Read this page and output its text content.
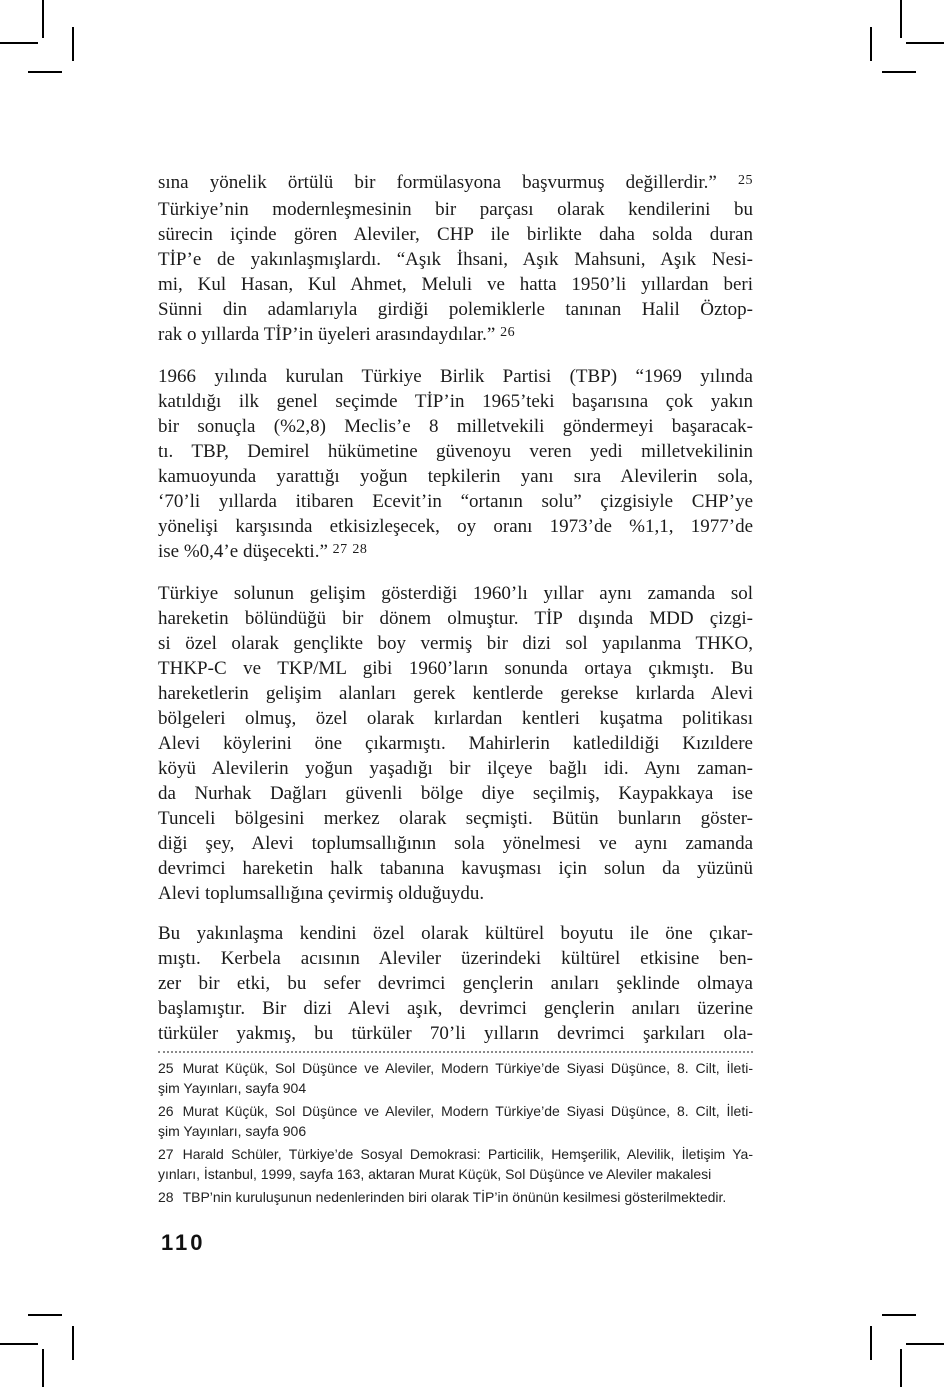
sına yönelik örtülü bir formülasyona başvurmuş değillerdir.” $^{25}$
Türkiye’nin modernleşmesinin bir parçası olarak kendilerini bu
sürecin içinde gören Aleviler, CHP ile birlikte daha solda duran
TİP’e de yakınlaşmışlardı. “Aşık İhsani, Aşık Mahsuni, Aşık Nesi-
mi, Kul Hasan, Kul Ahmet, Meluli ve hatta 1950’li yıllardan beri
Sünni din adamlarıyla girdiği polemiklerle tanınan Halil Öztop-
rak o yıllarda TİP’in üyeleri arasındaydılar.” $^{26}$
1966 yılında kurulan Türkiye Birlik Partisi (TBP) “1969 yılında
katıldığı ilk genel seçimde TİP’in 1965’teki başarısına çok yakın
bir sonuçla (%2,8) Meclis’e 8 milletvekili göndermeyi başaracak-
tı. TBP, Demirel hükümetine güvenoyu veren yedi milletvekilinin
kamuoyunda yarattığı yoğun tepkilerin yanı sıra Alevilerin sola,
‘70’li yıllarda itibaren Ecevit’in “ortanın solu” çizgisiyle CHP’ye
yönelişi karşısında etkisizleşecek, oy oranı 1973’de %1,1, 1977’de
ise %0,4’e düşecekti.” $^{27}$ $^{28}$
Türkiye solunun gelişim gösterdiği 1960’lı yıllar aynı zamanda sol
hareketin bölündüğü bir dönem olmuştur. TİP dışında MDD çizgi-
si özel olarak gençlikte boy vermiş bir dizi sol yapılanma THKO,
THKP-C ve TKP/ML gibi 1960’ların sonunda ortaya çıkmıştı. Bu
hareketlerin gelişim alanları gerek kentlerde gerekse kırlarda Alevi
bölgeleri olmuş, özel olarak kırlardan kentleri kuşatma politikası
Alevi köylerini öne çıkarmıştı. Mahirlerin katledildiği Kızıldere
köyü Alevilerin yoğun yaşadığı bir ilçeye bağlı idi. Aynı zaman-
da Nurhak Dağları güvenli bölge diye seçilmiş, Kaypakkaya ise
Tunceli bölgesini merkez olarak seçmişti. Bütün bunların göster-
diği şey, Alevi toplumsallığının sola yönelmesi ve aynı zamanda
devrimci hareketin halk tabanına kavuşması için solun da yüzünü
Alevi toplumsallığına çevirmiş olduğuydu.
Bu yakınlaşma kendini özel olarak kültürel boyutu ile öne çıkar-
mıştı. Kerbela acısının Aleviler üzerindeki kültürel etkisine ben-
zer bir etki, bu sefer devrimci gençlerin anıları şeklinde olmaya
başlamıştır. Bir dizi Alevi aşık, devrimci gençlerin anıları üzerine
türküler yakmış, bu türküler 70’li yılların devrimci şarkıları ola-
25 Murat Küçük, Sol Düşünce ve Aleviler, Modern Türkiye’de Siyasi Düşünce, 8. Cilt, İleti-
şim Yayınları, sayfa 904
26 Murat Küçük, Sol Düşünce ve Aleviler, Modern Türkiye’de Siyasi Düşünce, 8. Cilt, İleti-
şim Yayınları, sayfa 906
27 Harald Schüler, Türkiye’de Sosyal Demokrasi: Particilik, Hemşerilik, Alevilik, İletişim Ya-
yınları, İstanbul, 1999, sayfa 163, aktaran Murat Küçük, Sol Düşünce ve Aleviler makalesi
28 TBP’nin kuruluşunun nedenlerinden biri olarak TİP’in önünün kesilmesi gösterilmektedir.
110
